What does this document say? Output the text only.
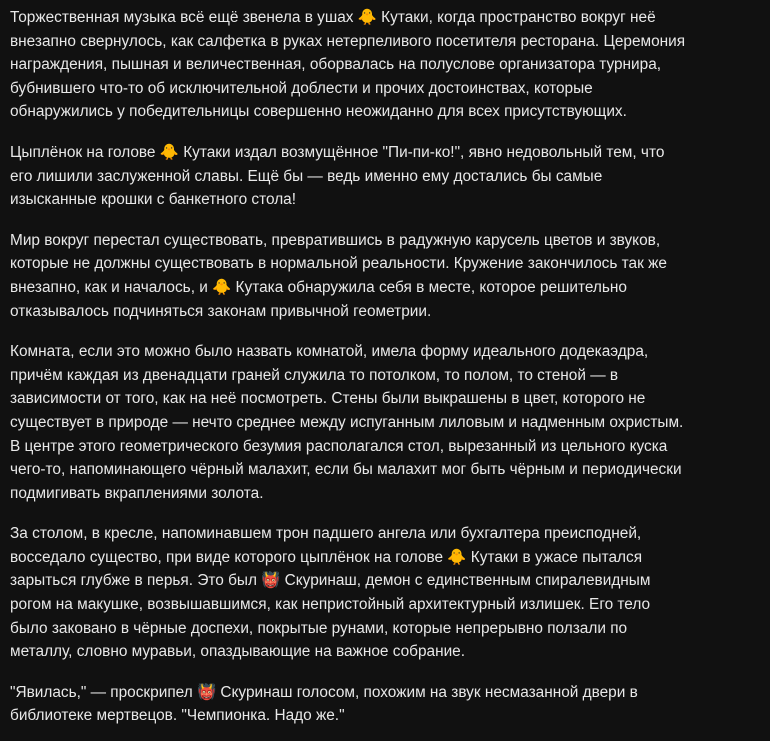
Торжественная музыка всё ещё звенела в ушах 🐥 Кутаки, когда пространство вокруг неё
внезапно свернулось, как салфетка в руках нетерпеливого посетителя ресторана. Церемония
награждения, пышная и величественная, оборвалась на полуслове организатора турнира,
бубнившего что-то об исключительной доблести и прочих достоинствах, которые
обнаружились у победительницы совершенно неожиданно для всех присутствующих.

Цыплёнок на голове 🐥 Кутаки издал возмущённое "Пи-пи-ко!", явно недовольный тем, что
его лишили заслуженной славы. Ещё бы — ведь именно ему достались бы самые
изысканные крошки с банкетного стола!

Мир вокруг перестал существовать, превратившись в радужную карусель цветов и звуков,
которые не должны существовать в нормальной реальности. Кружение закончилось так же
внезапно, как и началось, и 🐥 Кутака обнаружила себя в месте, которое решительно
отказывалось подчиняться законам привычной геометрии.

Комната, если это можно было назвать комнатой, имела форму идеального додекаэдра,
причём каждая из двенадцати граней служила то потолком, то полом, то стеной — в
зависимости от того, как на неё посмотреть. Стены были выкрашены в цвет, которого не
существует в природе — нечто среднее между испуганным лиловым и надменным охристым.
В центре этого геометрического безумия располагался стол, вырезанный из цельного куска
чего-то, напоминающего чёрный малахит, если бы малахит мог быть чёрным и периодически
подмигивать вкраплениями золота.

За столом, в кресле, напоминавшем трон падшего ангела или бухгалтера преисподней,
восседало существо, при виде которого цыплёнок на голове 🐥 Кутаки в ужасе пытался
зарыться глубже в перья. Это был 👹 Скуринаш, демон с единственным спиралевидным
рогом на макушке, возвышавшимся, как непристойный архитектурный излишек. Его тело
было заковано в чёрные доспехи, покрытые рунами, которые непрерывно ползали по
металлу, словно муравьи, опаздывающие на важное собрание.

"Явилась," — проскрипел 👹 Скуринаш голосом, похожим на звук несмазанной двери в
библиотеке мертвецов. "Чемпионка. Надо же."
